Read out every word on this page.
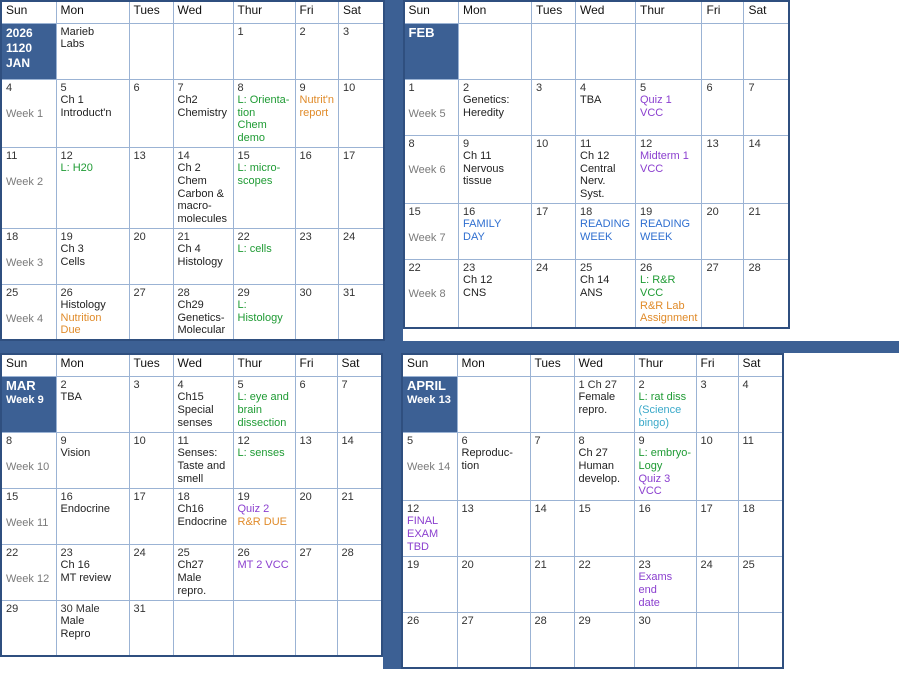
Sun	Mon	Tues	Wed	Thur	Fri	Sat

2026
1120
JAN	Marieb
Labs			1	2	3

4
Week 1	5
Ch 1
Introduct'n	6	7
Ch2
Chemistry	8
L: Orienta-
tion
Chem demo	9
Nutrit'n
report	10

11
Week 2	12
L: H20	13	14
Ch 2 Chem
Carbon &
macro-
molecules	15
L: micro-
scopes	16	17

18
Week 3	19
Ch 3
Cells	20	21
Ch 4
Histology	22
L: cells	23	24

25
Week 4	26
Histology
Nutrition
Due	27	28
Ch29
Genetics-
Molecular	29
L:
Histology	30	31
Sun	Mon	Tues	Wed	Thur	Fri	Sat

FEB						

1
Week 5	2
Genetics:
Heredity	3	4
TBA	5
Quiz 1 VCC	6	7

8
Week 6	9
Ch 11
Nervous
tissue	10	11
Ch 12
Central
Nerv. Syst.	12
Midterm 1
VCC	13	14

15
Week 7	16
FAMILY
DAY	17	18
READING
WEEK	19
READING
WEEK	20	21

22
Week 8	23
Ch 12
CNS	24	25
Ch 14
ANS	26
L: R&R VCC
R&R Lab
Assignment	27	28
Sun	Mon	Tues	Wed	Thur	Fri	Sat

MAR
Week 9	2
TBA	3	4
Ch15
Special
senses	5
L: eye and
brain
dissection	6	7

8
Week 10	9
Vision	10	11
Senses:
Taste and
smell	12
L: senses	13	14

15
Week 11	16
Endocrine	17	18
Ch16
Endocrine	19
Quiz 2
R&R DUE	20	21

22
Week 12	23
Ch 16
MT review	24	25
Ch27 Male
repro.	26
MT 2 VCC	27	28

29	30 Male
Male
Repro	31				

Sun	Mon	Tues	Wed	Thur	Fri	Sat

APRIL
Week 13			1 Ch 27
Female
repro.	2
L: rat diss
(Science
bingo)	3	4

5
Week 14	6
Reproduc-
tion	7	8
Ch 27
Human
develop.	9
L: embryo-
Logy
Quiz 3 VCC	10	11

12
FINAL
EXAM
TBD	13	14	15	16	17	18

19	20	21	22	23
Exams end
date	24	25

26	27	28	29	30		
